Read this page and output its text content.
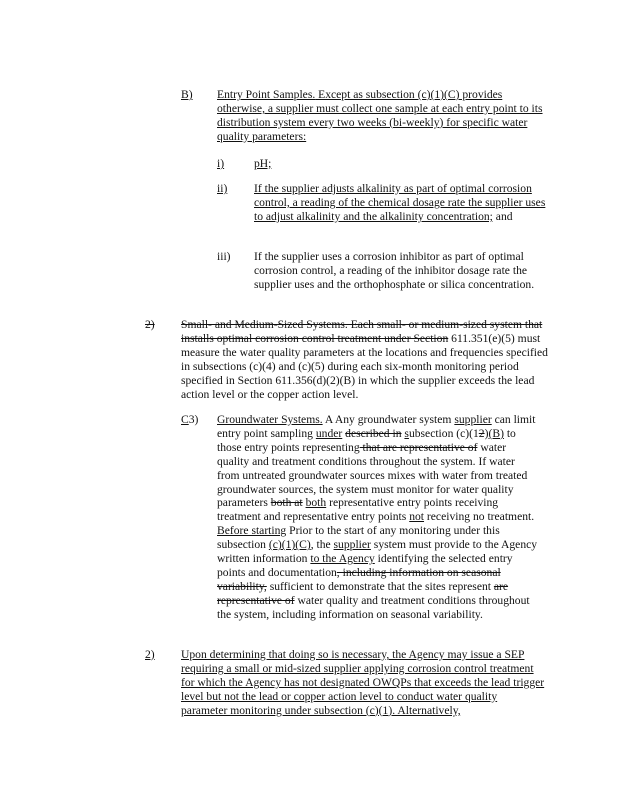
B) Entry Point Samples. Except as subsection (c)(1)(C) provides otherwise, a supplier must collect one sample at each entry point to its distribution system every two weeks (bi-weekly) for specific water quality parameters:
i)	pH;
ii) If the supplier adjusts alkalinity as part of optimal corrosion control, a reading of the chemical dosage rate the supplier uses to adjust alkalinity and the alkalinity concentration; and
iii) If the supplier uses a corrosion inhibitor as part of optimal corrosion control, a reading of the inhibitor dosage rate the supplier uses and the orthophosphate or silica concentration.
2) Small- and Medium-Sized Systems. Each small- or medium-sized system that installs optimal corrosion control treatment under Section 611.351(e)(5) must measure the water quality parameters at the locations and frequencies specified in subsections (c)(4) and (c)(5) during each six-month monitoring period specified in Section 611.356(d)(2)(B) in which the supplier exceeds the lead action level or the copper action level.
C3) Groundwater Systems. A Any groundwater system supplier can limit entry point sampling under described in subsection (c)(12)(B) to those entry points representing that are representative of water quality and treatment conditions throughout the system. If water from untreated groundwater sources mixes with water from treated groundwater sources, the system must monitor for water quality parameters both at both representative entry points receiving treatment and representative entry points not receiving no treatment. Before starting Prior to the start of any monitoring under this subsection (c)(1)(C), the supplier system must provide to the Agency written information to the Agency identifying the selected entry points and documentation, including information on seasonal variability, sufficient to demonstrate that the sites represent are representative of water quality and treatment conditions throughout the system, including information on seasonal variability.
2) Upon determining that doing so is necessary, the Agency may issue a SEP requiring a small or mid-sized supplier applying corrosion control treatment for which the Agency has not designated OWQPs that exceeds the lead trigger level but not the lead or copper action level to conduct water quality parameter monitoring under subsection (c)(1). Alternatively,
